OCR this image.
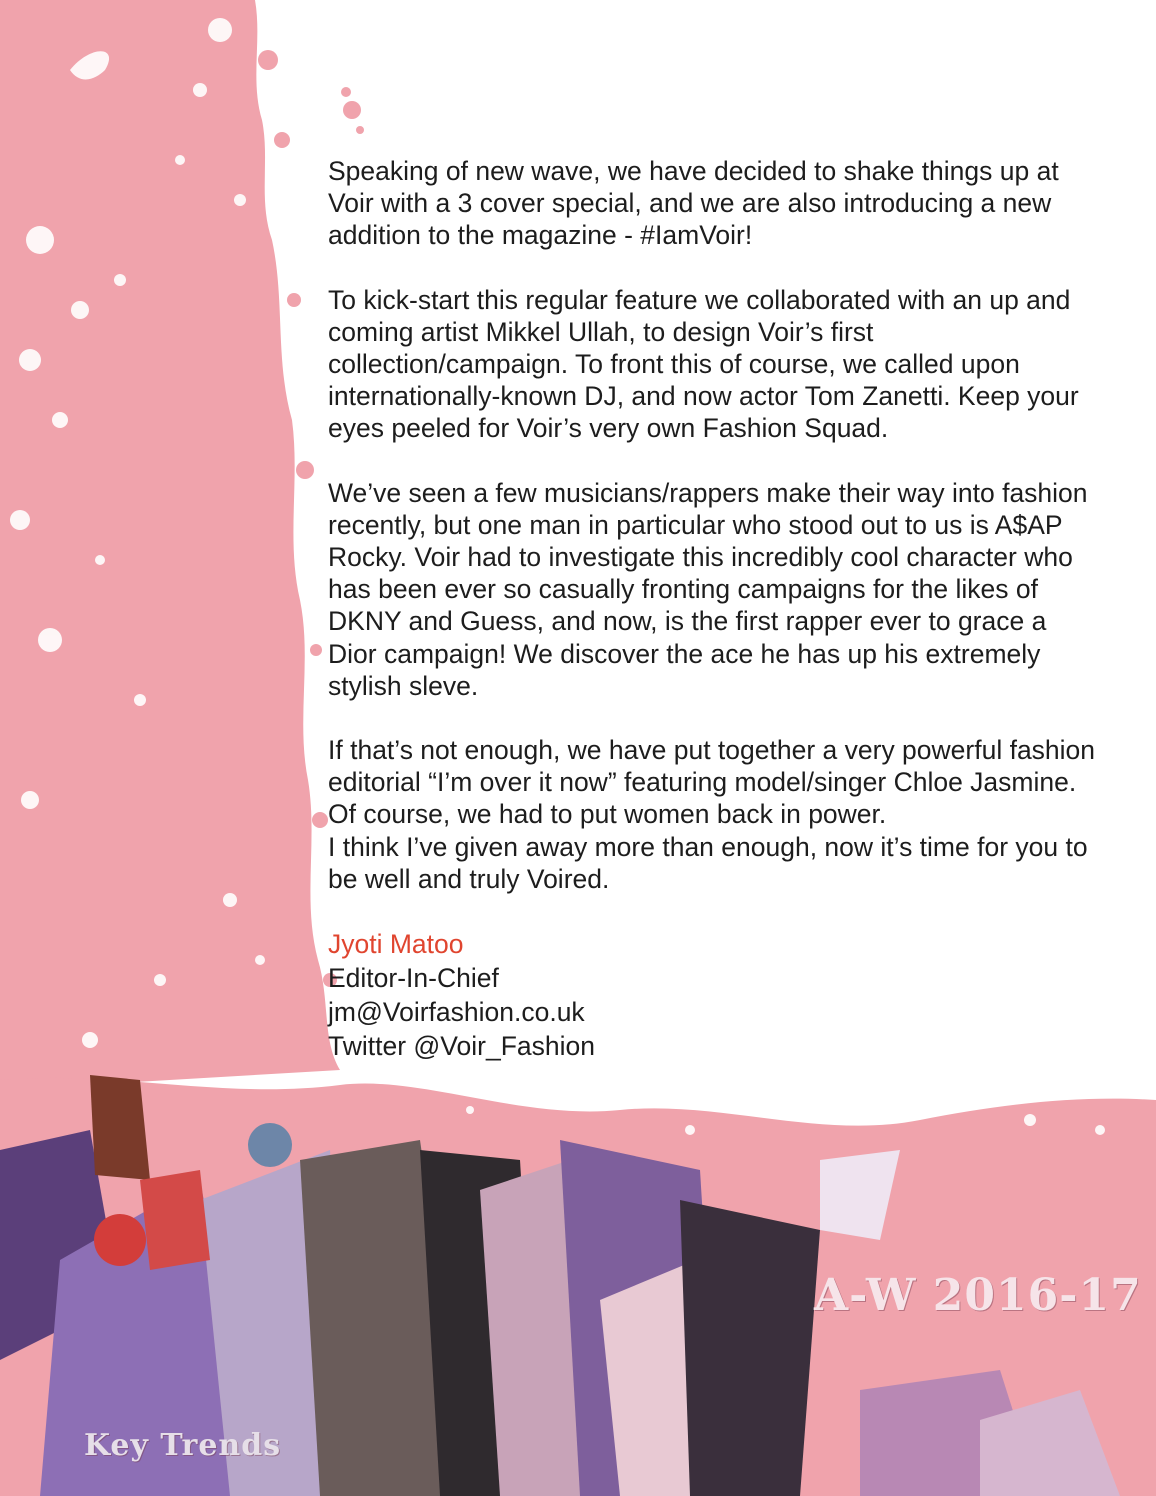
Speaking of new wave, we have decided to shake things up at Voir with a 3 cover special, and we are also introducing a new addition to the magazine - #IamVoir!

To kick-start this regular feature we collaborated with an up and coming artist Mikkel Ullah, to design Voir’s first collection/campaign. To front this of course, we called upon internationally-known DJ, and now actor Tom Zanetti. Keep your eyes peeled for Voir’s very own Fashion Squad.

We’ve seen a few musicians/rappers make their way into fashion recently, but one man in particular who stood out to us is A$AP Rocky. Voir had to investigate this incredibly cool character who has been ever so casually fronting campaigns for the likes of DKNY and Guess, and now, is the first rapper ever to grace a Dior campaign! We discover the ace he has up his extremely stylish sleve.

If that’s not enough, we have put together a very powerful fashion editorial “I’m over it now” featuring model/singer Chloe Jasmine. Of course, we had to put women back in power.

I think I’ve given away more than enough, now it’s time for you to be well and truly Voired.

Jyoti Matoo
Editor-In-Chief
jm@Voirfashion.co.uk
Twitter @Voir_Fashion
A-W 2016-17
Key Trends
